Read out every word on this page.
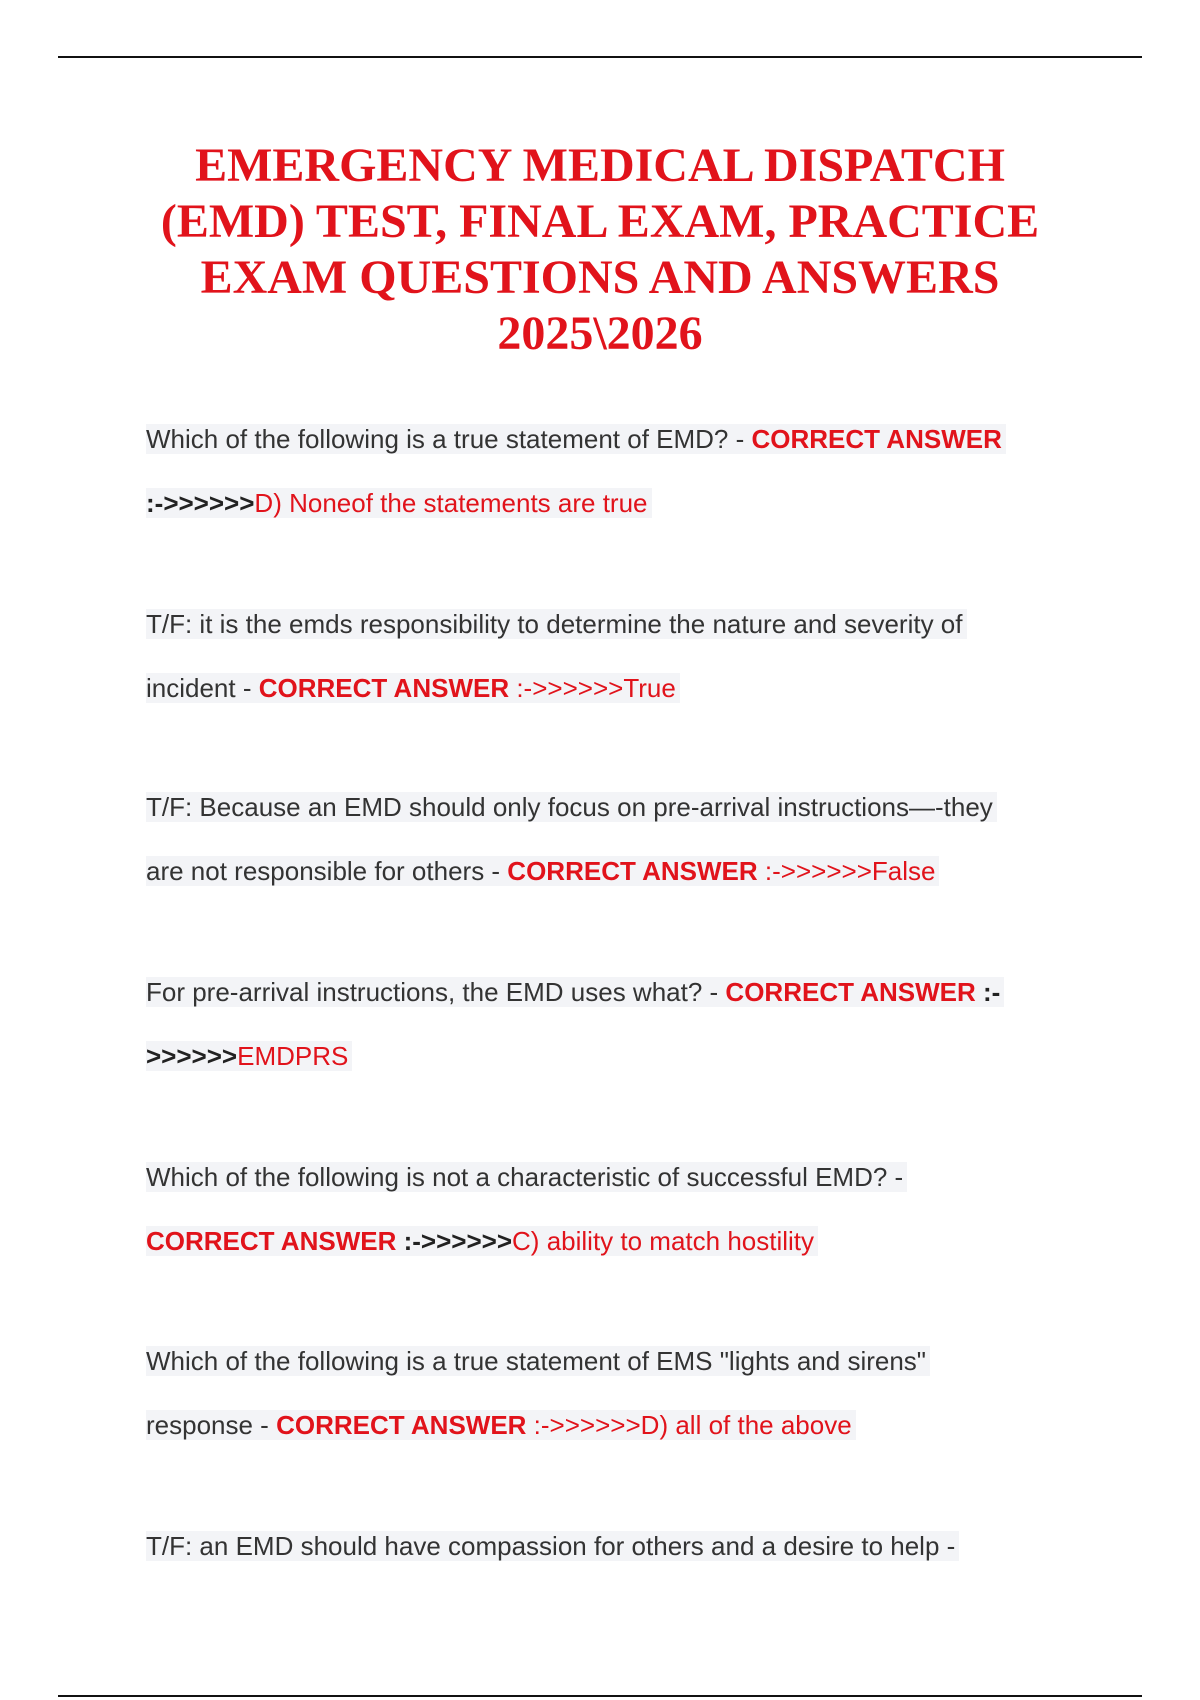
EMERGENCY MEDICAL DISPATCH
(EMD) TEST, FINAL EXAM, PRACTICE
EXAM QUESTIONS AND ANSWERS
2025\2026
Which of the following is a true statement of EMD? - CORRECT ANSWER
:->>>>>>D) Noneof the statements are true
T/F: it is the emds responsibility to determine the nature and severity of
incident - CORRECT ANSWER :->>>>>>True
T/F: Because an EMD should only focus on pre-arrival instructions—-they
are not responsible for others - CORRECT ANSWER :->>>>>>False
For pre-arrival instructions, the EMD uses what? - CORRECT ANSWER :-
>>>>>>EMDPRS
Which of the following is not a characteristic of successful EMD? -
CORRECT ANSWER :->>>>>>C) ability to match hostility
Which of the following is a true statement of EMS "lights and sirens"
response - CORRECT ANSWER :->>>>>>D) all of the above
T/F: an EMD should have compassion for others and a desire to help -
